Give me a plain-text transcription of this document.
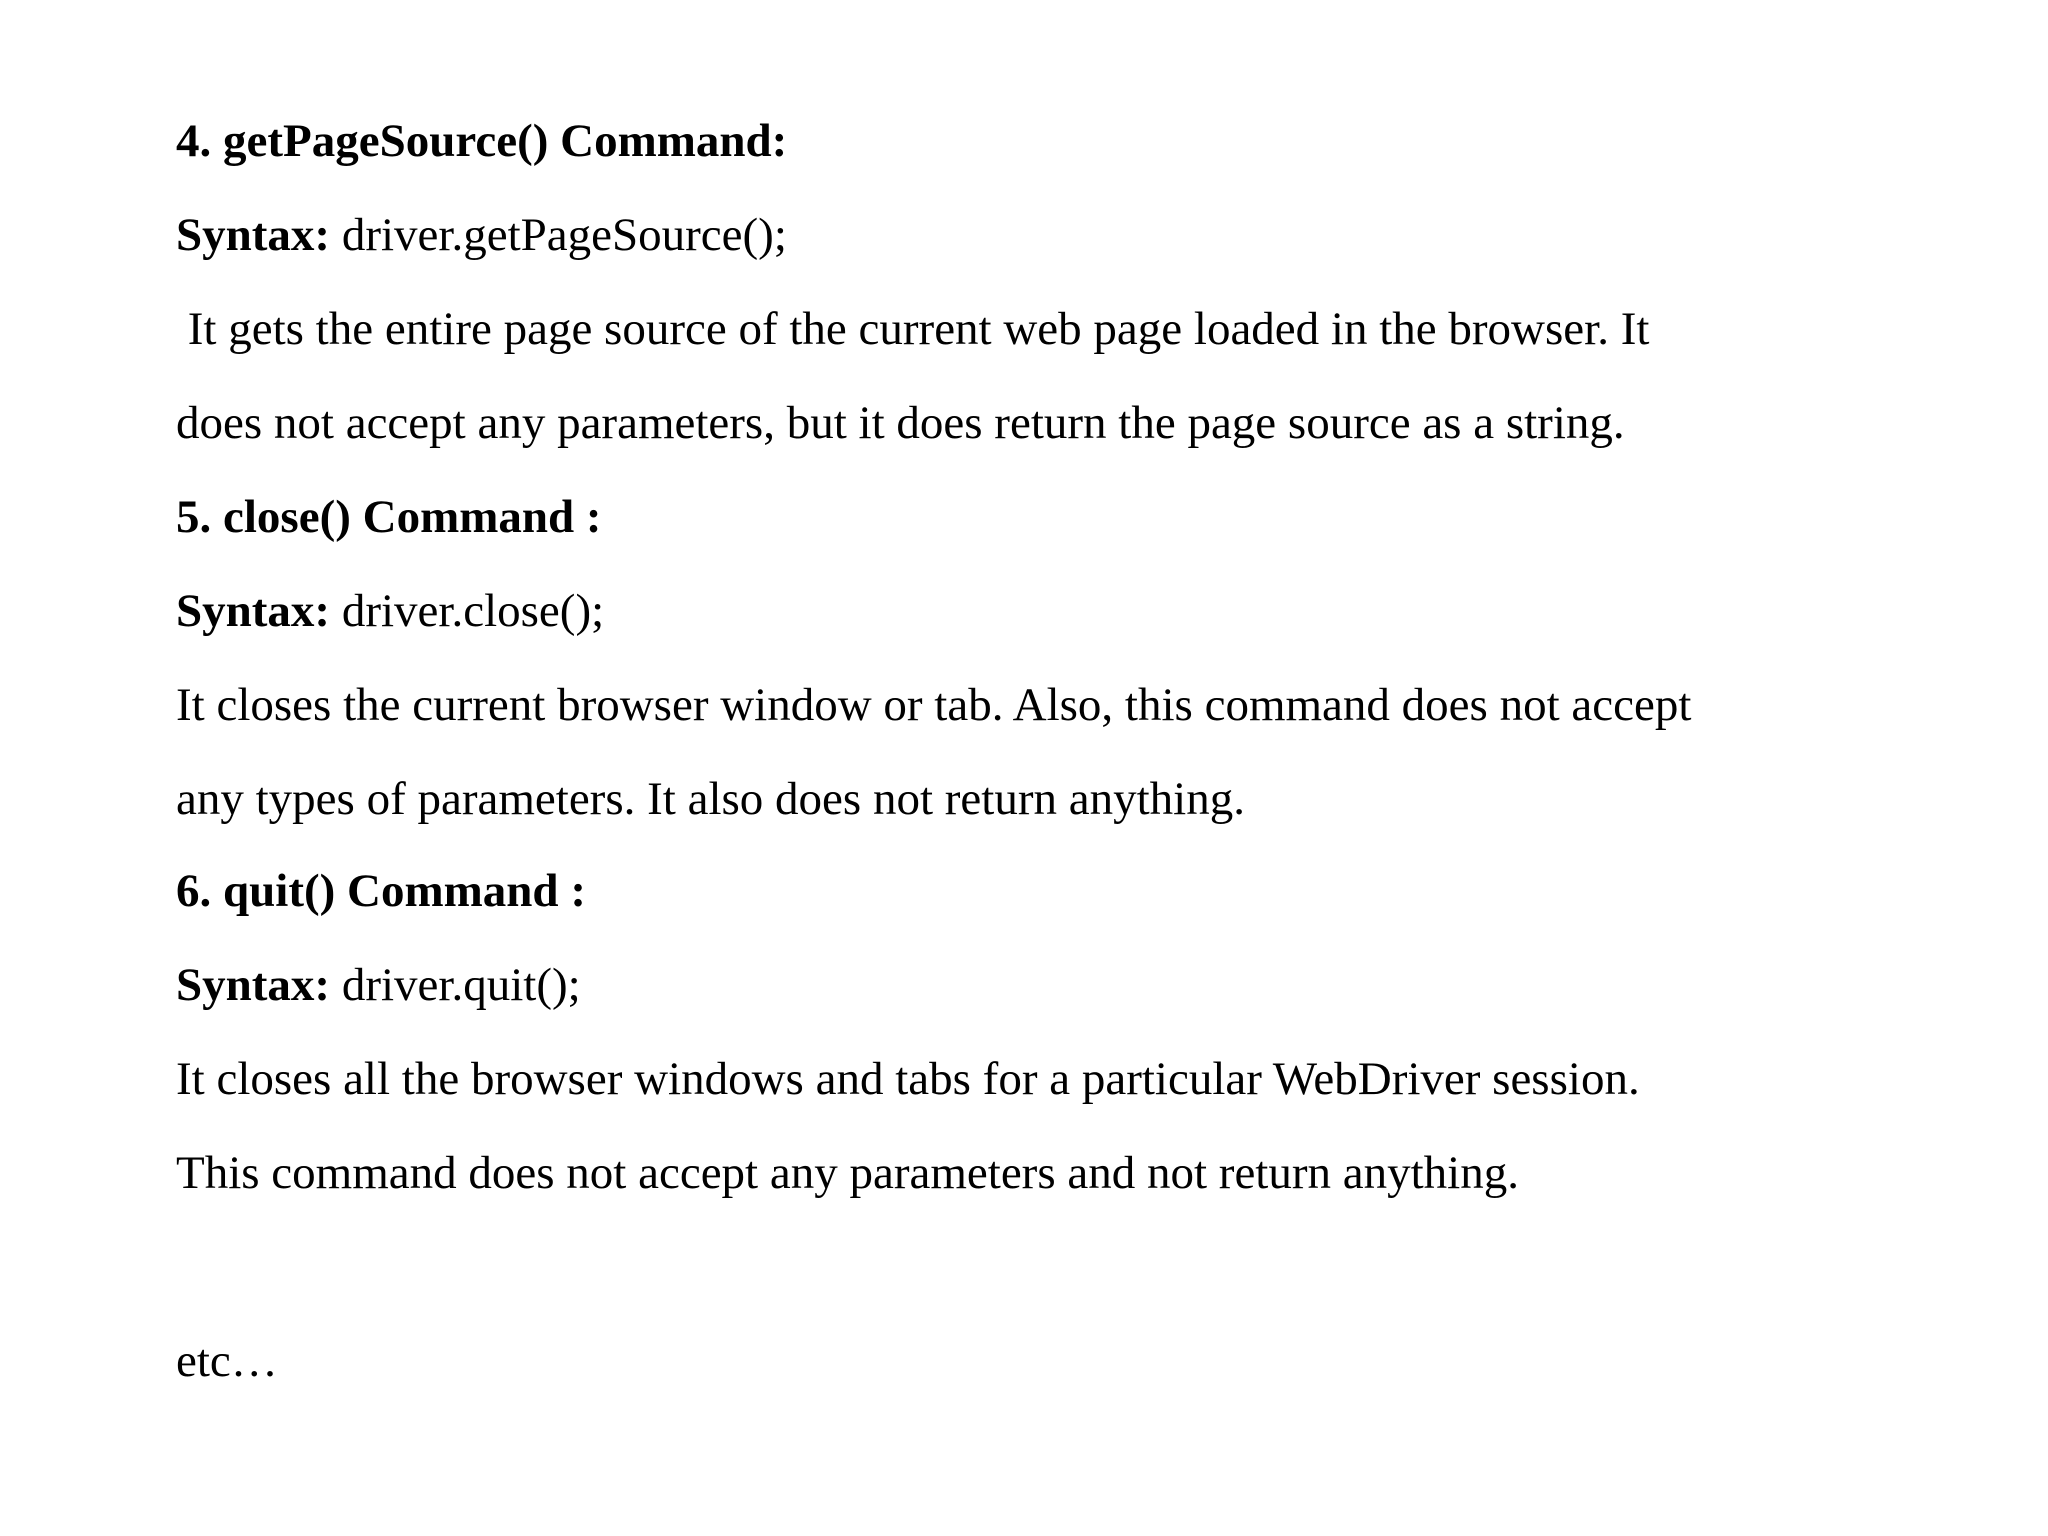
4. getPageSource() Command:
Syntax: driver.getPageSource();
It gets the entire page source of the current web page loaded in the browser. It
does not accept any parameters, but it does return the page source as a string.
5. close() Command :
Syntax: driver.close();
It closes the current browser window or tab. Also, this command does not accept
any types of parameters. It also does not return anything.
6. quit() Command :
Syntax: driver.quit();
It closes all the browser windows and tabs for a particular WebDriver session.
This command does not accept any parameters and not return anything.
etc…
